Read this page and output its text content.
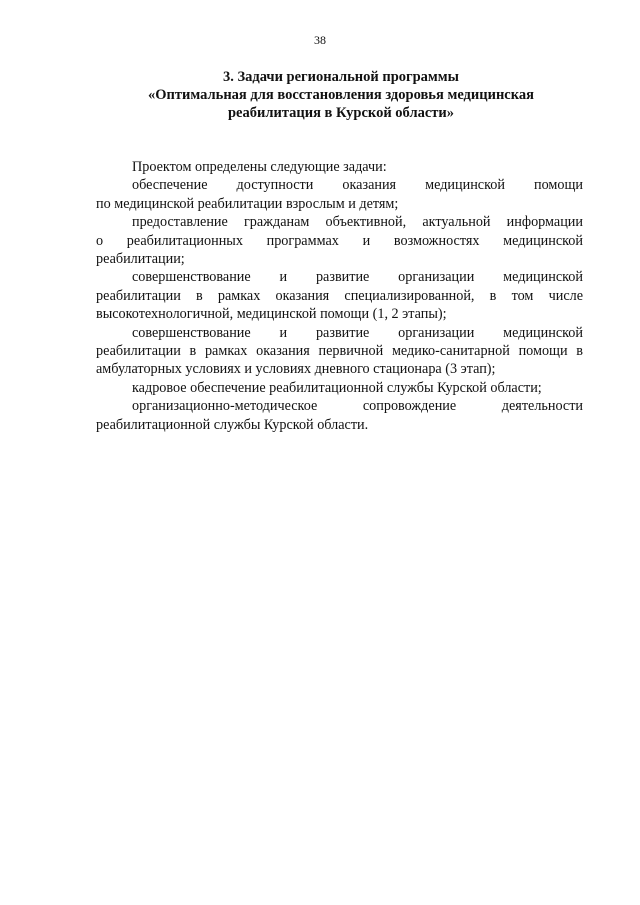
38
3. Задачи региональной программы
«Оптимальная для восстановления здоровья медицинская
реабилитация в Курской области»

Проектом определены следующие задачи:

обеспечение доступности оказания медицинской помощи
по медицинской реабилитации взрослым и детям;

предоставление гражданам объективной, актуальной информации
о реабилитационных программах и возможностях медицинской
реабилитации;

совершенствование и развитие организации медицинской
реабилитации в рамках оказания специализированной, в том числе
высокотехнологичной, медицинской помощи (1, 2 этапы);

совершенствование и развитие организации медицинской
реабилитации в рамках оказания первичной медико-санитарной помощи в
амбулаторных условиях и условиях дневного стационара (3 этап);

кадровое обеспечение реабилитационной службы Курской области;

организационно-методическое сопровождение деятельности
реабилитационной службы Курской области.
